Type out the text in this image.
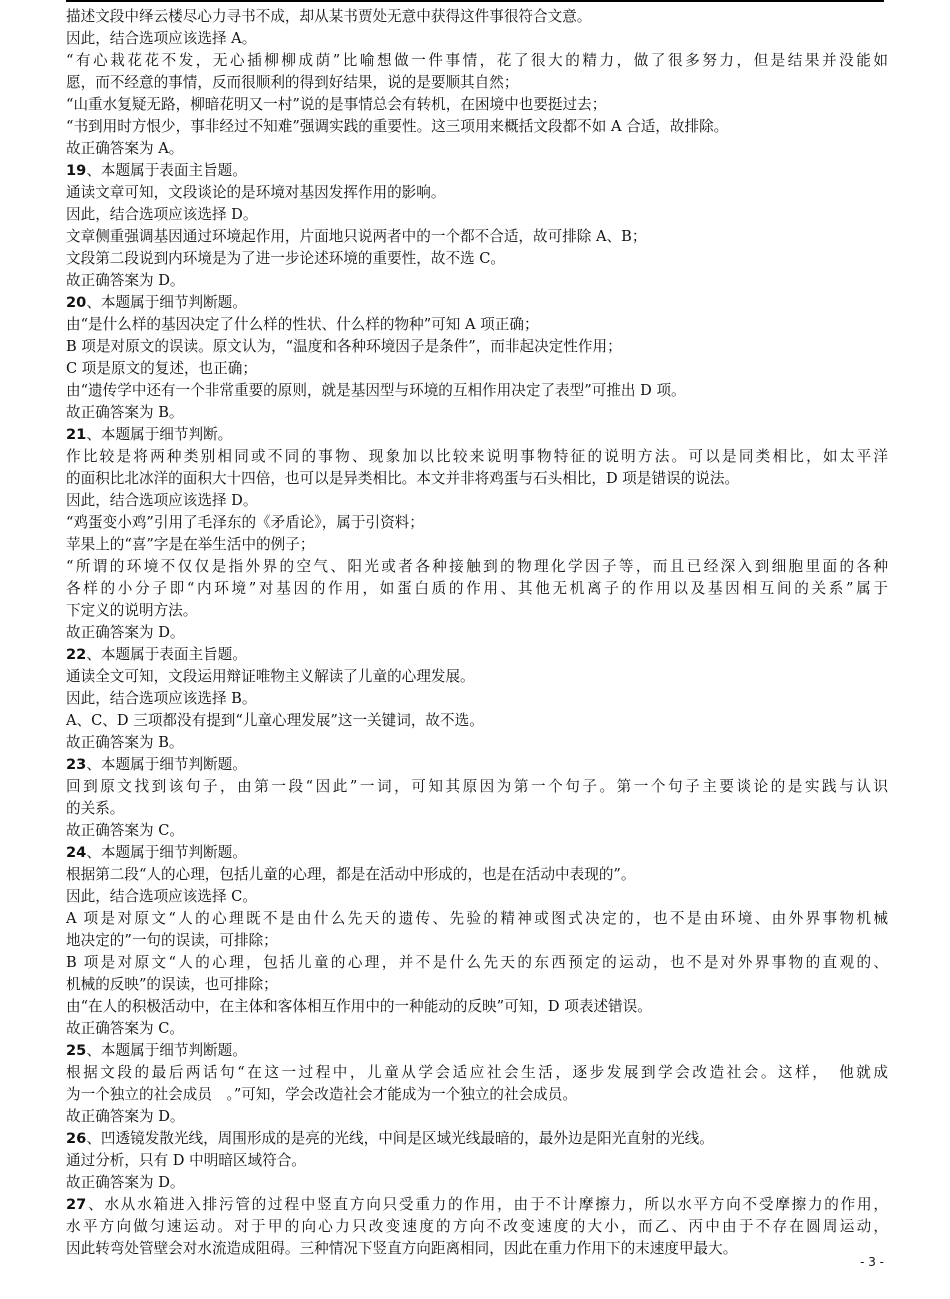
描述文段中绎云楼尽心力寻书不成，却从某书贾处无意中获得这件事很符合文意。
因此，结合选项应该选择 A。
“有心栽花花不发，无心插柳柳成荫”比喻想做一件事情，花了很大的精力，做了很多努力，但是结果并没能如
愿，而不经意的事情，反而很顺利的得到好结果，说的是要顺其自然；
“山重水复疑无路，柳暗花明又一村”说的是事情总会有转机，在困境中也要挺过去；
“书到用时方恨少，事非经过不知难”强调实践的重要性。这三项用来概括文段都不如 A 合适，故排除。
故正确答案为 A。
19、本题属于表面主旨题。
通读文章可知，文段谈论的是环境对基因发挥作用的影响。
因此，结合选项应该选择 D。
文章侧重强调基因通过环境起作用，片面地只说两者中的一个都不合适，故可排除 A、B；
文段第二段说到内环境是为了进一步论述环境的重要性，故不选 C。
故正确答案为 D。
20、本题属于细节判断题。
由“是什么样的基因决定了什么样的性状、什么样的物种”可知 A 项正确；
B 项是对原文的误读。原文认为，“温度和各种环境因子是条件”，而非起决定性作用；
C 项是原文的复述，也正确；
由“遗传学中还有一个非常重要的原则，就是基因型与环境的互相作用决定了表型”可推出 D 项。
故正确答案为 B。
21、本题属于细节判断。
作比较是将两种类别相同或不同的事物、现象加以比较来说明事物特征的说明方法。可以是同类相比，如太平洋
的面积比北冰洋的面积大十四倍，也可以是异类相比。本文并非将鸡蛋与石头相比，D 项是错误的说法。
因此，结合选项应该选择 D。
“鸡蛋变小鸡”引用了毛泽东的《矛盾论》，属于引资料；
苹果上的“喜”字是在举生活中的例子；
“所谓的环境不仅仅是指外界的空气、阳光或者各种接触到的物理化学因子等，而且已经深入到细胞里面的各种
各样的小分子即“内环境”对基因的作用，如蛋白质的作用、其他无机离子的作用以及基因相互间的关系”属于
下定义的说明方法。
故正确答案为 D。
22、本题属于表面主旨题。
通读全文可知，文段运用辩证唯物主义解读了儿童的心理发展。
因此，结合选项应该选择 B。
A、C、D 三项都没有提到“儿童心理发展”这一关键词，故不选。
故正确答案为 B。
23、本题属于细节判断题。
回到原文找到该句子，由第一段“因此”一词，可知其原因为第一个句子。第一个句子主要谈论的是实践与认识
的关系。
故正确答案为 C。
24、本题属于细节判断题。
根据第二段“人的心理，包括儿童的心理，都是在活动中形成的，也是在活动中表现的”。
因此，结合选项应该选择 C。
A 项是对原文“人的心理既不是由什么先天的遗传、先验的精神或图式决定的，也不是由环境、由外界事物机械
地决定的”一句的误读，可排除；
B 项是对原文“人的心理，包括儿童的心理，并不是什么先天的东西预定的运动，也不是对外界事物的直观的、
机械的反映”的误读，也可排除；
由“在人的积极活动中，在主体和客体相互作用中的一种能动的反映”可知，D 项表述错误。
故正确答案为 C。
25、本题属于细节判断题。
根据文段的最后两话句“在这一过程中，儿童从学会适应社会生活，逐步发展到学会改造社会。这样，　他就成
为一个独立的社会成员　。”可知，学会改造社会才能成为一个独立的社会成员。
故正确答案为 D。
26、凹透镜发散光线，周围形成的是亮的光线，中间是区域光线最暗的，最外边是阳光直射的光线。
通过分析，只有 D 中明暗区域符合。
故正确答案为 D。
27、水从水箱进入排污管的过程中竖直方向只受重力的作用，由于不计摩擦力，所以水平方向不受摩擦力的作用，
水平方向做匀速运动。对于甲的向心力只改变速度的方向不改变速度的大小，而乙、丙中由于不存在圆周运动，
因此转弯处管壁会对水流造成阻碍。三种情况下竖直方向距离相同，因此在重力作用下的末速度甲最大。
- 3 -
